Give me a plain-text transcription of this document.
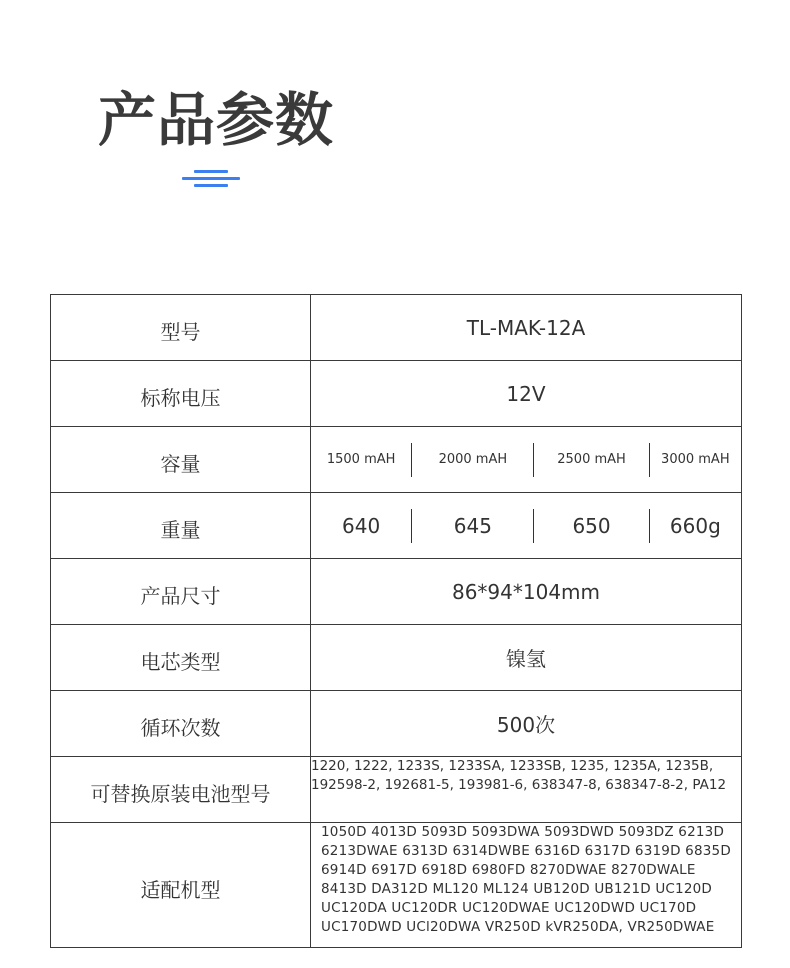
产品参数
型号	TL-MAK-12A
标称电压	12V
容量	1500 mAH 2000 mAH 2500 mAH 3000 mAH

重量	640 645 650 660g

产品尺寸	86*94*104mm
电芯类型	镍氢
循环次数	500次
可替换原装电池型号	1220, 1222, 1233S, 1233SA, 1233SB, 1235, 1235A, 1235B, 192598-2, 192681-5, 193981-6, 638347-8, 638347-8-2, PA12
适配机型	1050D 4013D 5093D 5093DWA 5093DWD 5093DZ 6213D 6213DWAE 6313D 6314DWBE 6316D 6317D 6319D 6835D 6914D 6917D 6918D 6980FD 8270DWAE 8270DWALE 8413D DA312D ML120 ML124 UB120D UB121D UC120D UC120DA UC120DR UC120DWAE UC120DWD UC170D UC170DWD UCl20DWA VR250D kVR250DA, VR250DWAE
